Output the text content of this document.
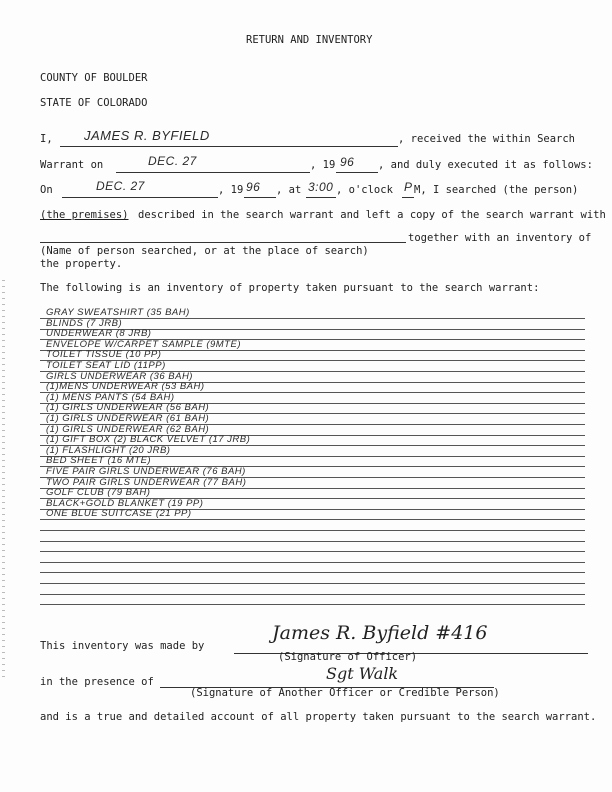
RETURN AND INVENTORY
COUNTY OF BOULDER
STATE OF COLORADO
I, JAMES R. BYFIELD	, received the within Search
Warrant on	DEC. 27	, 19 96 , and duly executed it as follows:
On	DEC. 27	, 19 96 , at 3:00 , o'clock P M, I searched (the person)
(the premises) described in the search warrant and left a copy of the search warrant with
together with an inventory of
(Name of person searched, or at the place of search)
the property.
The following is an inventory of property taken pursuant to the search warrant:
GRAY SWEATSHIRT (35 BAH)
BLINDS (7 JRB)
UNDERWEAR (8 JRB)
ENVELOPE W/CARPET SAMPLE (9MTE)
TOILET TISSUE (10 PP)
TOILET SEAT LID (11PP)
GIRLS UNDERWEAR (36 BAH)
(1)MENS UNDERWEAR (53 BAH)
(1) MENS PANTS (54 BAH)
(1) GIRLS UNDERWEAR (56 BAH)
(1) GIRLS UNDERWEAR (61 BAH)
(1) GIRLS UNDERWEAR (62 BAH)
(1) GIFT BOX (2) BLACK VELVET (17 JRB)
(1) FLASHLIGHT (20 JRB)
BED SHEET (16 MTE)
FIVE PAIR GIRLS UNDERWEAR (76 BAH)
TWO PAIR GIRLS UNDERWEAR (77 BAH)
GOLF CLUB (79 BAH)
BLACK+GOLD BLANKET (19 PP)
ONE BLUE SUITCASE (21 PP)
This inventory was made by
James R. Byfield #416
(Signature of Officer)
in the presence of	Sgt Walk
(Signature of Another Officer or Credible Person)
and is a true and detailed account of all property taken pursuant to the search warrant.
